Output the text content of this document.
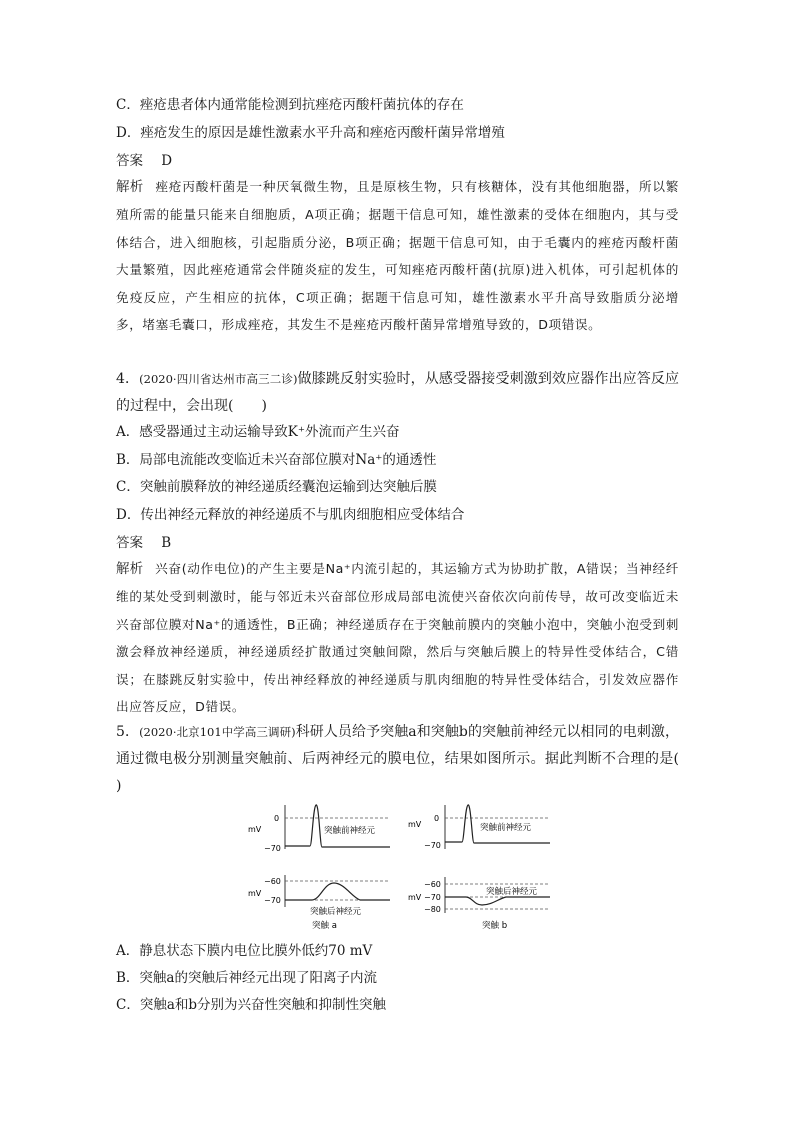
C．痤疮患者体内通常能检测到抗痤疮丙酸杆菌抗体的存在
D．痤疮发生的原因是雄性激素水平升高和痤疮丙酸杆菌异常增殖
答案 D
解析 痤疮丙酸杆菌是一种厌氧微生物，且是原核生物，只有核糖体，没有其他细胞器，所以繁殖所需的能量只能来自细胞质，A项正确；据题干信息可知，雄性激素的受体在细胞内，其与受体结合，进入细胞核，引起脂质分泌，B项正确；据题干信息可知，由于毛囊内的痤疮丙酸杆菌大量繁殖，因此痤疮通常会伴随炎症的发生，可知痤疮丙酸杆菌(抗原)进入机体，可引起机体的免疫反应，产生相应的抗体，C项正确；据题干信息可知，雄性激素水平升高导致脂质分泌增多，堵塞毛囊口，形成痤疮，其发生不是痤疮丙酸杆菌异常增殖导致的，D项错误。
4．(2020·四川省达州市高三二诊)做膝跳反射实验时，从感受器接受刺激到效应器作出应答反应的过程中，会出现(　　)
A．感受器通过主动运输导致K⁺外流而产生兴奋
B．局部电流能改变临近未兴奋部位膜对Na⁺的通透性
C．突触前膜释放的神经递质经囊泡运输到达突触后膜
D．传出神经元释放的神经递质不与肌肉细胞相应受体结合
答案 B
解析 兴奋(动作电位)的产生主要是Na⁺内流引起的，其运输方式为协助扩散，A错误；当神经纤维的某处受到刺激时，能与邻近未兴奋部位形成局部电流使兴奋依次向前传导，故可改变临近未兴奋部位膜对Na⁺的通透性，B正确；神经递质存在于突触前膜内的突触小泡中，突触小泡受到刺激会释放神经递质，神经递质经扩散通过突触间隙，然后与突触后膜上的特异性受体结合，C错误；在膝跳反射实验中，传出神经释放的神经递质与肌肉细胞的特异性受体结合，引发效应器作出应答反应，D错误。
5．(2020·北京101中学高三调研)科研人员给予突触a和突触b的突触前神经元以相同的电刺激，通过微电极分别测量突触前、后两神经元的膜电位，结果如图所示。据此判断不合理的是(　　)
mV
0
−70
突触前神经元
mV
−60
−70
突触后神经元
突触 a
mV
0
−70
突触前神经元
mV
−60
−70
−80
突触后神经元
突触 b
A．静息状态下膜内电位比膜外低约70 mV
B．突触a的突触后神经元出现了阳离子内流
C．突触a和b分别为兴奋性突触和抑制性突触
